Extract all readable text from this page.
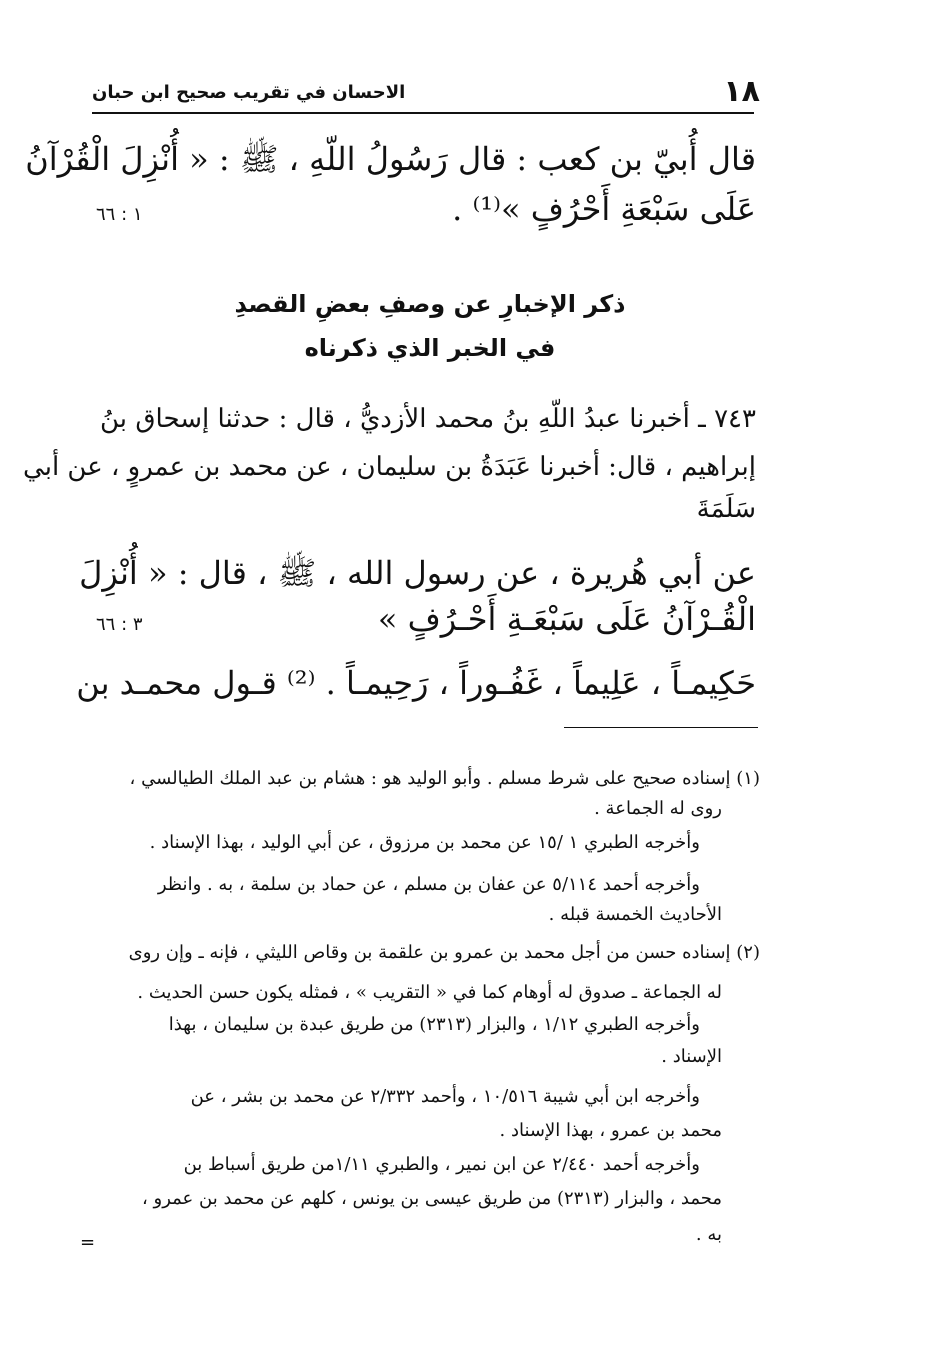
الاحسان في تقريب صحيح ابن حبان	١٨
قال أُبيّ بن كعب : قال رَسُولُ اللّهِ ، ﷺ : « أُنْزِلَ الْقُرْآنُ
عَلَى سَبْعَةِ أَحْرُفٍ »⁽¹⁾ .
١ : ٦٦
ذكر الإخبارِ عن وصفِ بعضِ القصدِ
في الخبر الذي ذكرناه
٧٤٣ ـ أخبرنا عبدُ اللّهِ بنُ محمد الأزديُّ ، قال : حدثنا إسحاق بنُ
إبراهيم ، قال: أخبرنا عَبَدَةُ بن سليمان ، عن محمد بن عمروٍ ، عن أبي
سَلَمَةَ
عن أبي هُريرة ، عن رسول الله ، ﷺ ، قال : « أُنْزِلَ
الْقُـرْآنُ عَلَى سَبْعَـةِ أَحْـرُفٍ »
٣ : ٦٦
حَكِيمـاً ، عَلِيماً ، غَفُـوراً ، رَحِيمـاً . ⁽²⁾ قـول محمـد بن
(١) إسناده صحيح على شرط مسلم . وأبو الوليد هو : هشام بن عبد الملك الطيالسي ،
روى له الجماعة .
وأخرجه الطبري ١ /١٥ عن محمد بن مرزوق ، عن أبي الوليد ، بهذا الإسناد .
وأخرجه أحمد ٥/١١٤ عن عفان بن مسلم ، عن حماد بن سلمة ، به . وانظر
الأحاديث الخمسة قبله .
(٢) إسناده حسن من أجل محمد بن عمرو بن علقمة بن وقاص الليثي ، فإنه ـ وإن روى
له الجماعة ـ صدوق له أوهام كما في « التقريب » ، فمثله يكون حسن الحديث .
وأخرجه الطبري ١/١٢ ، والبزار (٢٣١٣) من طريق عبدة بن سليمان ، بهذا
الإسناد .
وأخرجه ابن أبي شيبة ١٠/٥١٦ ، وأحمد ٢/٣٣٢ عن محمد بن بشر ، عن
محمد بن عمرو ، بهذا الإسناد .
وأخرجه أحمد ٢/٤٤٠ عن ابن نمير ، والطبري ١/١١من طريق أسباط بن
محمد ، والبزار (٢٣١٣) من طريق عيسى بن يونس ، كلهم عن محمد بن عمرو ،
به .
=
